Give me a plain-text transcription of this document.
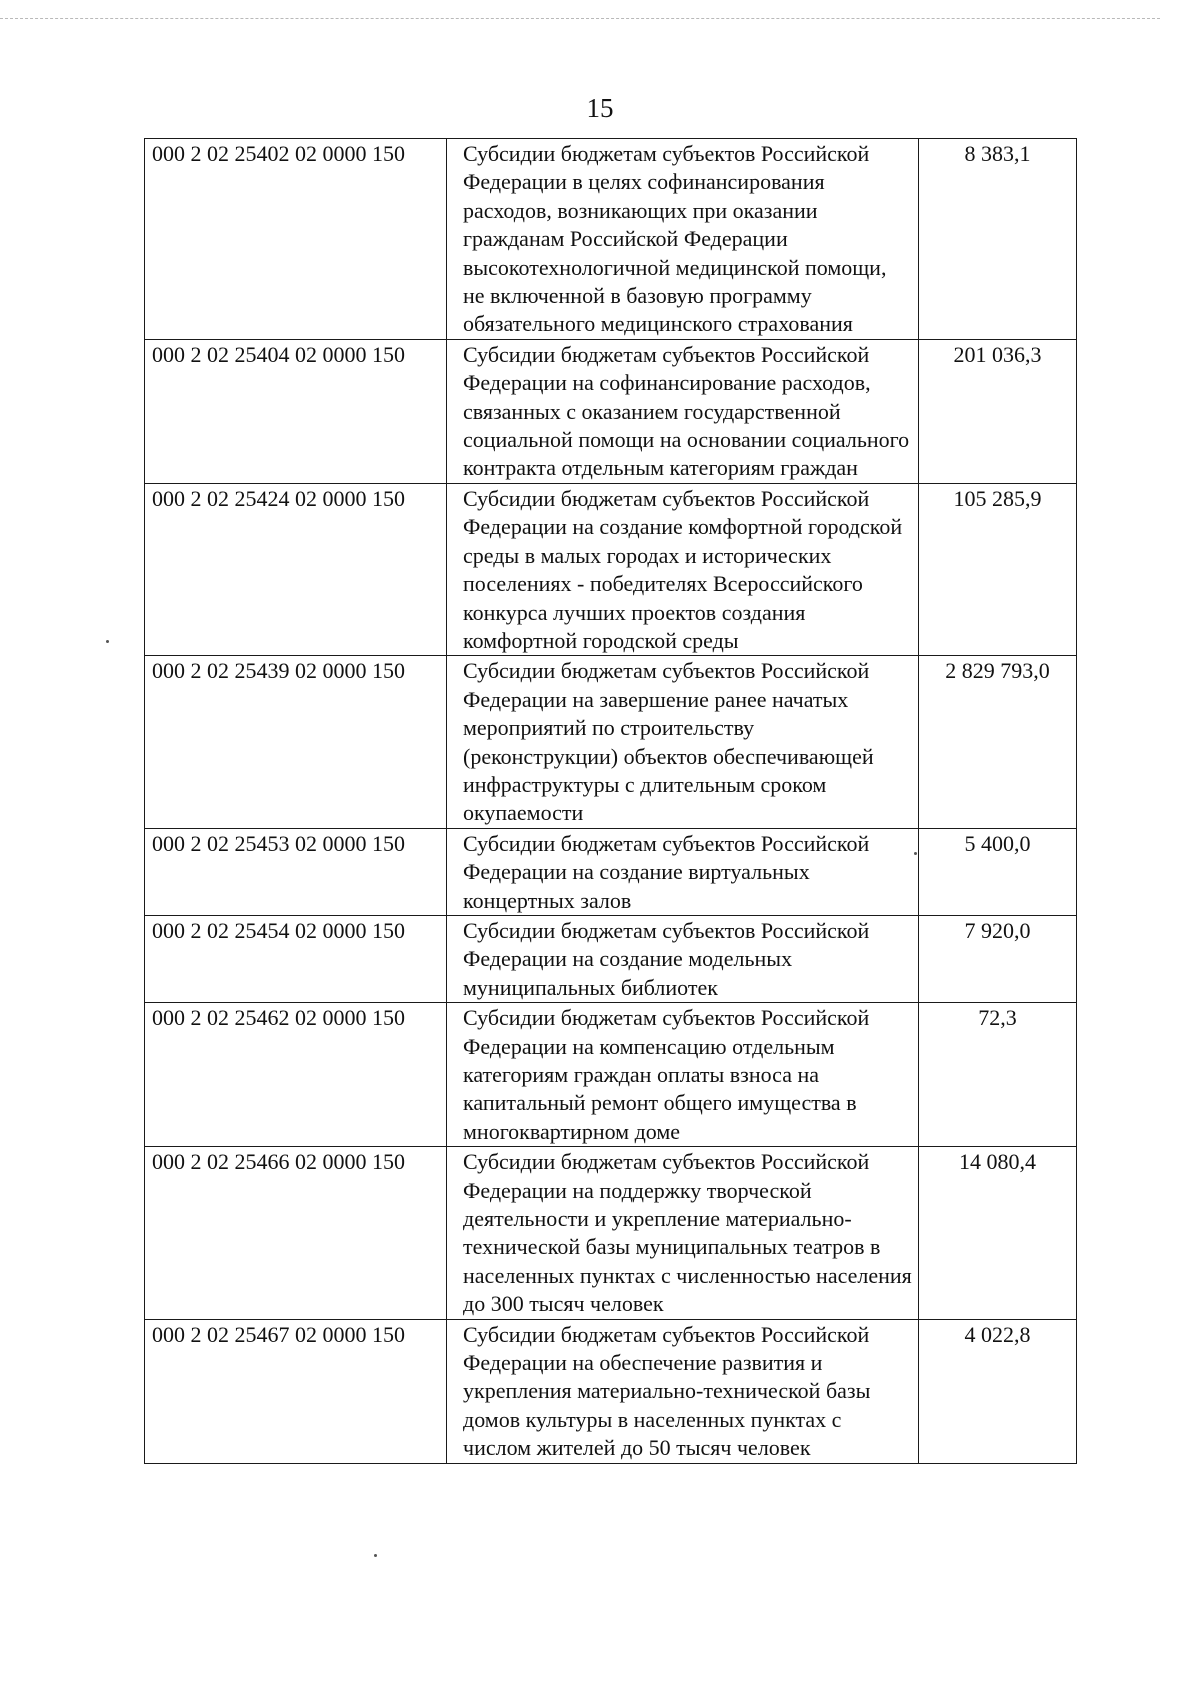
15
000 2 02 25402 02 0000 150	Субсидии бюджетам субъектов Российской Федерации в целях софинансирования расходов, возникающих при оказании гражданам Российской Федерации высокотехнологичной медицинской помощи, не включенной в базовую программу обязательного медицинского страхования	8 383,1
000 2 02 25404 02 0000 150	Субсидии бюджетам субъектов Российской Федерации на софинансирование расходов, связанных с оказанием государственной социальной помощи на основании социального контракта отдельным категориям граждан	201 036,3
000 2 02 25424 02 0000 150	Субсидии бюджетам субъектов Российской Федерации на создание комфортной городской среды в малых городах и исторических поселениях - победителях Всероссийского конкурса лучших проектов создания комфортной городской среды	105 285,9
000 2 02 25439 02 0000 150	Субсидии бюджетам субъектов Российской Федерации на завершение ранее начатых мероприятий по строительству (реконструкции) объектов обеспечивающей инфраструктуры с длительным сроком окупаемости	2 829 793,0
000 2 02 25453 02 0000 150	Субсидии бюджетам субъектов Российской Федерации на создание виртуальных концертных залов	5 400,0
000 2 02 25454 02 0000 150	Субсидии бюджетам субъектов Российской Федерации на создание модельных муниципальных библиотек	7 920,0
000 2 02 25462 02 0000 150	Субсидии бюджетам субъектов Российской Федерации на компенсацию отдельным категориям граждан оплаты взноса на капитальный ремонт общего имущества в многоквартирном доме	72,3
000 2 02 25466 02 0000 150	Субсидии бюджетам субъектов Российской Федерации на поддержку творческой деятельности и укрепление материально-технической базы муниципальных театров в населенных пунктах с численностью населения до 300 тысяч человек	14 080,4
000 2 02 25467 02 0000 150	Субсидии бюджетам субъектов Российской Федерации на обеспечение развития и укрепления материально-технической базы домов культуры в населенных пунктах с числом жителей до 50 тысяч человек	4 022,8
